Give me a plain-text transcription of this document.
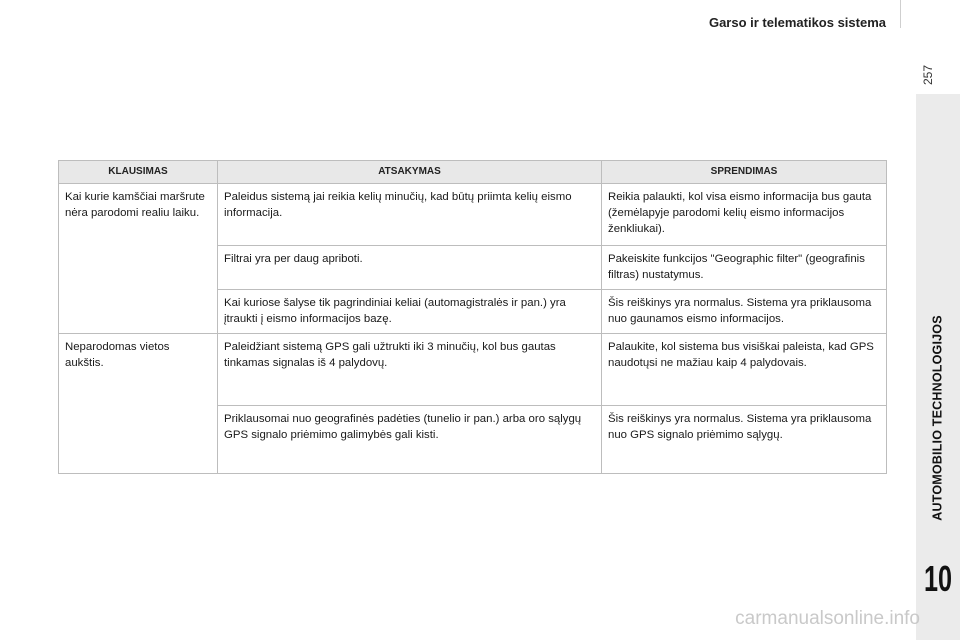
Garso ir telematikos sistema
257
AUTOMOBILIO TECHNOLOGIJOS
10
KLAUSIMAS	ATSAKYMAS	SPRENDIMAS
Kai kurie kamščiai maršrute nėra parodomi realiu laiku.	Paleidus sistemą jai reikia kelių minučių, kad būtų priimta kelių eismo informacija.	Reikia palaukti, kol visa eismo informacija bus gauta (žemėlapyje parodomi kelių eismo informacijos ženkliukai).
	Filtrai yra per daug apriboti.	Pakeiskite funkcijos "Geographic filter" (geografinis filtras) nustatymus.
	Kai kuriose šalyse tik pagrindiniai keliai (automagistralės ir pan.) yra įtraukti į eismo informacijos bazę.	Šis reiškinys yra normalus. Sistema yra priklausoma nuo gaunamos eismo informacijos.
Neparodomas vietos aukštis.	Paleidžiant sistemą GPS gali užtrukti iki 3 minučių, kol bus gautas tinkamas signalas iš 4 palydovų.	Palaukite, kol sistema bus visiškai paleista, kad GPS naudotųsi ne mažiau kaip 4 palydovais.
	Priklausomai nuo geografinės padėties (tunelio ir pan.) arba oro sąlygų GPS signalo priėmimo galimybės gali kisti.	Šis reiškinys yra normalus. Sistema yra priklausoma nuo GPS signalo priėmimo sąlygų.
carmanualsonline.info
